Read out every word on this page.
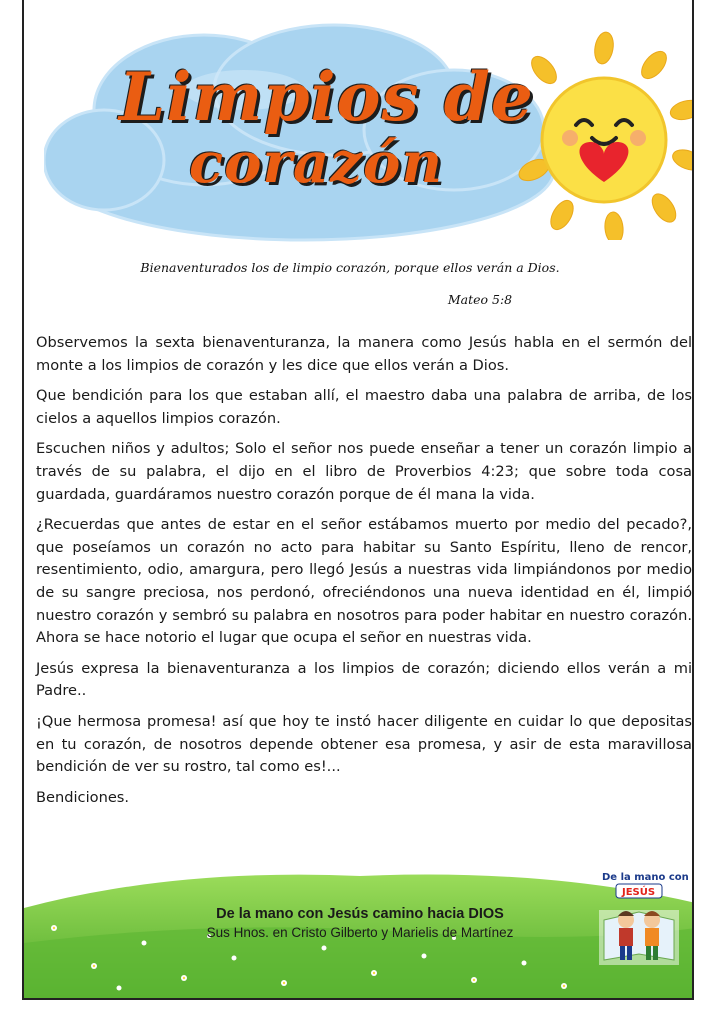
Limpios de
corazón
Bienaventurados los de limpio corazón, porque ellos verán a Dios.
Mateo 5:8

Observemos la sexta bienaventuranza, la manera como Jesús habla en el sermón del monte a los limpios de corazón y les dice que ellos verán a Dios.

Que bendición para los que estaban allí, el maestro daba una palabra de arriba, de los cielos a aquellos limpios corazón.

Escuchen niños y adultos; Solo el señor nos puede enseñar a tener un corazón limpio a través de su palabra, el dijo en el libro de Proverbios 4:23; que sobre toda cosa guardada, guardáramos nuestro corazón porque de él mana la vida.

¿Recuerdas que antes de estar en el señor estábamos muerto por medio del pecado?, que poseíamos un corazón no acto para habitar su Santo Espíritu, lleno de rencor, resentimiento, odio, amargura, pero llegó Jesús a nuestras vida limpiándonos por medio de su sangre preciosa, nos perdonó, ofreciéndonos una nueva identidad en él, limpió nuestro corazón y sembró su palabra en nosotros para poder habitar en nuestro corazón. Ahora se hace notorio el lugar que ocupa el señor en nuestras vida.

Jesús expresa la bienaventuranza a los limpios de corazón; diciendo ellos verán a mi Padre..

¡Que hermosa promesa! así que hoy te instó hacer diligente en cuidar lo que depositas en tu corazón, de nosotros depende obtener esa promesa, y asir de esta maravillosa bendición de ver su rostro, tal como es!...

Bendiciones.

De la mano con Jesús camino hacia DIOS
Sus Hnos. en Cristo Gilberto y Marielis de Martínez
De la mano con
JESÚS
